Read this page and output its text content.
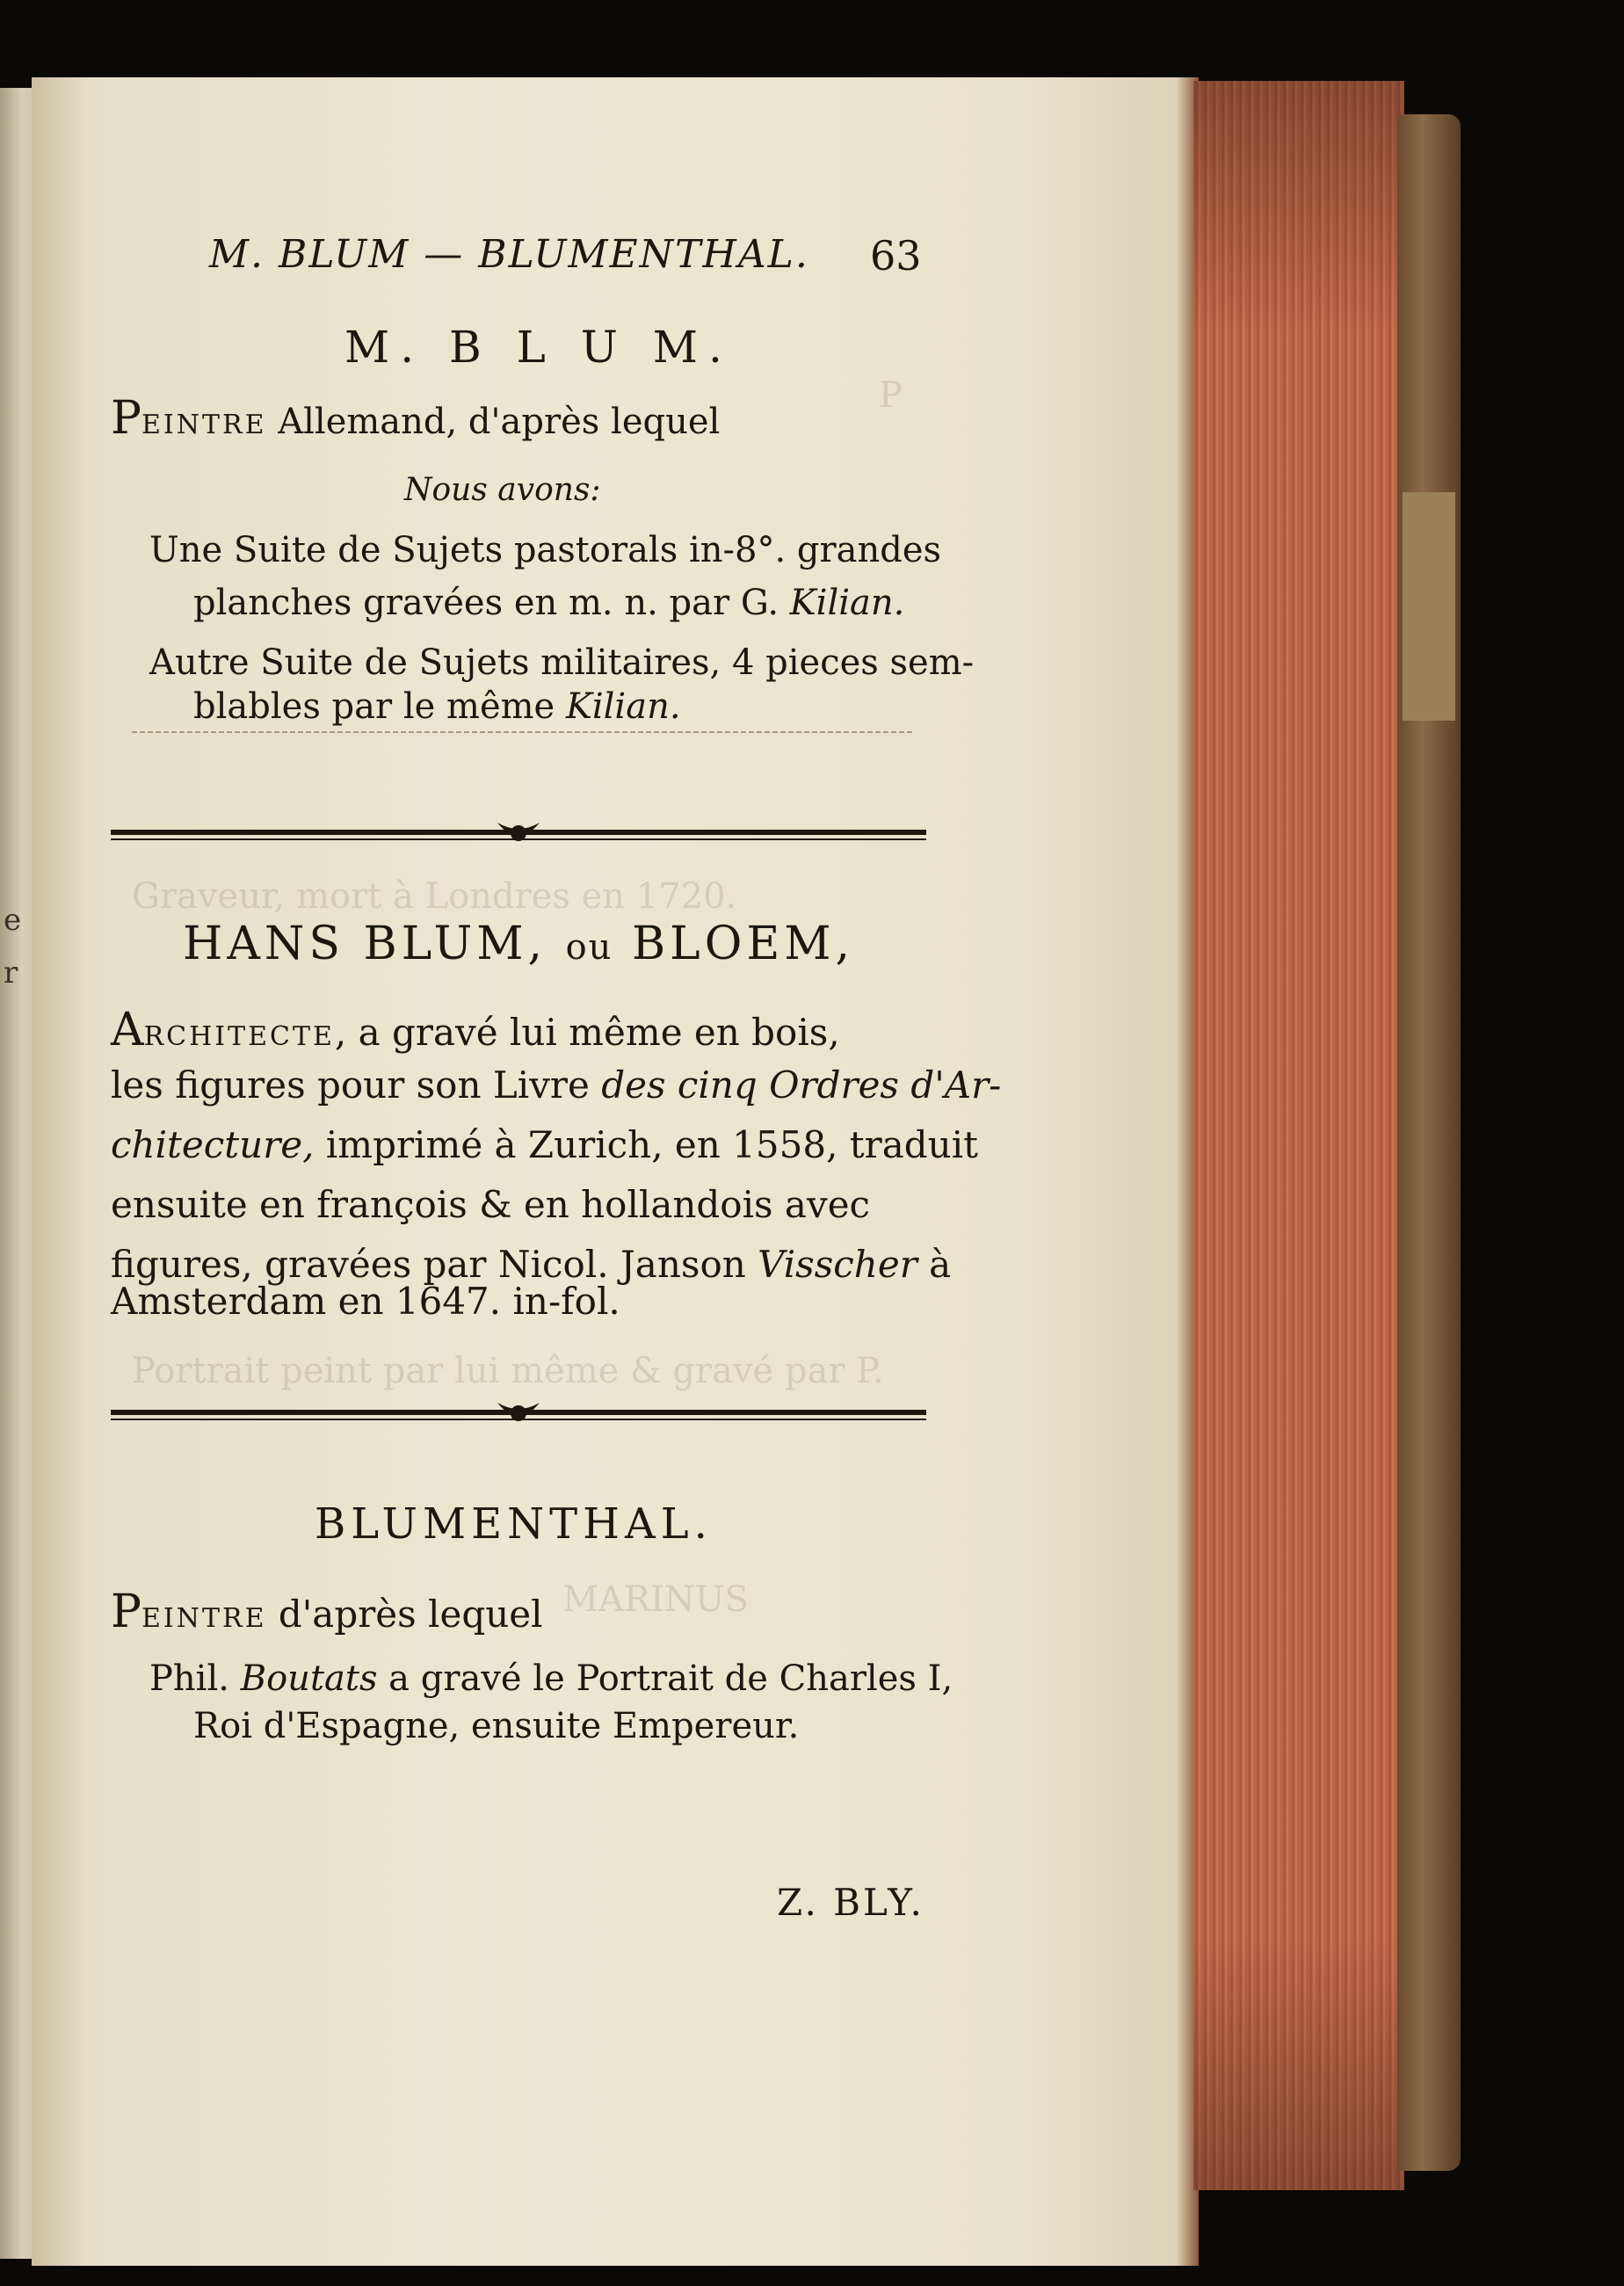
e
r
P
Graveur, mort à Londres en 1720.
Portrait peint par lui même & gravé par P.
MARINUS
M. BLUM — BLUMENTHAL. 63
M. B L U M.
PEINTRE Allemand, d'après lequel
Nous avons:
Une Suite de Sujets pastorals in-8°. grandes
planches gravées en m. n. par G. Kilian.
Autre Suite de Sujets militaires, 4 pieces sem-
blables par le même Kilian.
HANS BLUM, ou BLOEM,
ARCHITECTE, a gravé lui même en bois,
les figures pour son Livre des cinq Ordres d'Ar-
chitecture, imprimé à Zurich, en 1558, traduit
ensuite en françois & en hollandois avec
figures, gravées par Nicol. Janson Visscher à
Amsterdam en 1647. in-fol.
BLUMENTHAL.
PEINTRE d'après lequel
Phil. Boutats a gravé le Portrait de Charles I,
Roi d'Espagne, ensuite Empereur.
Z. BLY.
